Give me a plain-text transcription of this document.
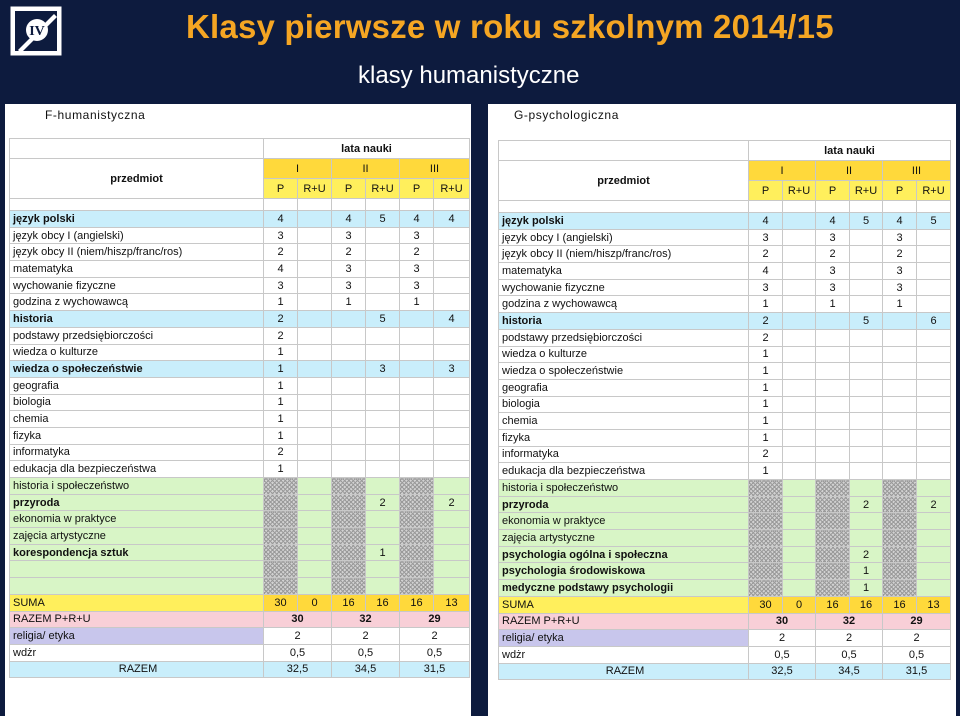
IV	Klasy pierwsze w roku szkolnym 2014/15
klasy humanistyczne
F-humanistyczna
	lata nauki					
przedmiot	I		II		III	
	P	R+U	P	R+U	P	R+U

język polski	4		4	5	4	4
język obcy I (angielski)	3		3		3	
język obcy II (niem/hiszp/franc/ros)	2		2		2	
matematyka	4		3		3	
wychowanie fizyczne	3		3		3	
godzina z wychowawcą	1		1		1	
historia	2			5		4
podstawy przedsiębiorczości	2					
wiedza o kulturze	1					
wiedza o społeczeństwie	1			3		3
geografia	1					
biologia	1					
chemia	1					
fizyka	1					
informatyka	2					
edukacja dla bezpieczeństwa	1					
historia i społeczeństwo						
przyroda				2		2
ekonomia w praktyce						
zajęcia artystyczne						
korespondencja sztuk				1		

SUMA	30	0	16	16	16	13
RAZEM P+R+U	30		32		29	
religia/ etyka	2		2		2	
wdżr	0,5		0,5		0,5	
RAZEM	32,5		34,5		31,5	
G-psychologiczna
	lata nauki					
przedmiot	I		II		III	
	P	R+U	P	R+U	P	R+U

język polski	4		4	5	4	5
język obcy I (angielski)	3		3		3	
język obcy II (niem/hiszp/franc/ros)	2		2		2	
matematyka	4		3		3	
wychowanie fizyczne	3		3		3	
godzina z wychowawcą	1		1		1	
historia	2			5		6
podstawy przedsiębiorczości	2					
wiedza o kulturze	1					
wiedza o społeczeństwie	1					
geografia	1					
biologia	1					
chemia	1					
fizyka	1					
informatyka	2					
edukacja dla bezpieczeństwa	1					
historia i społeczeństwo						
przyroda				2		2
ekonomia w praktyce						
zajęcia artystyczne						
psychologia ogólna i społeczna				2		
psychologia środowiskowa				1		
medyczne podstawy psychologii				1		
SUMA	30	0	16	16	16	13
RAZEM P+R+U	30		32		29	
religia/ etyka	2		2		2	
wdżr	0,5		0,5		0,5	
RAZEM	32,5		34,5		31,5	
